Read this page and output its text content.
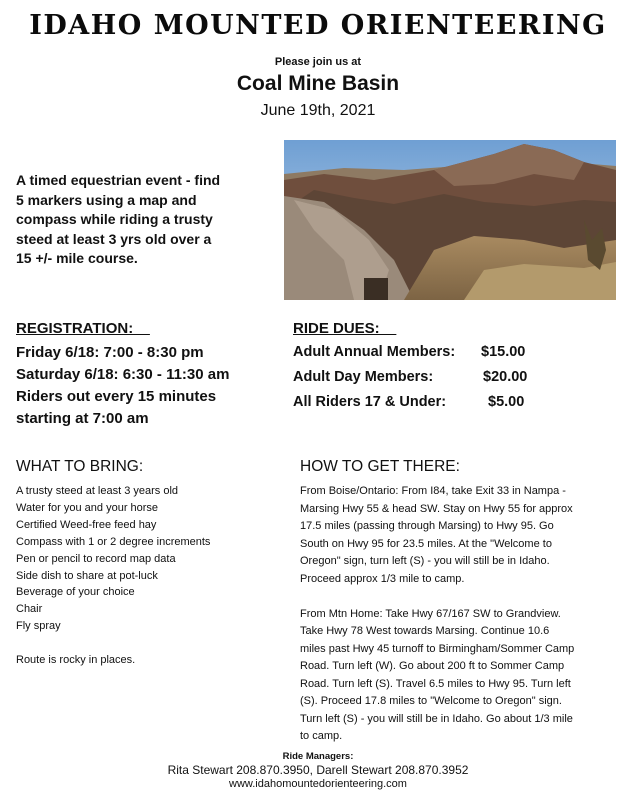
IDAHO MOUNTED ORIENTEERING
Please join us at
Coal Mine Basin
June 19th, 2021
A timed equestrian event - find
5 markers using a map and
compass while riding a trusty
steed at least 3 yrs old over a
15 +/- mile course.
REGISTRATION:
Friday 6/18: 7:00 - 8:30 pm
Saturday 6/18: 6:30 - 11:30 am
Riders out every 15 minutes
starting at 7:00 am
RIDE DUES:
Adult Annual Members: $15.00
Adult Day Members:	$20.00
All Riders 17 & Under:	$5.00
WHAT TO BRING:
A trusty steed at least 3 years old
Water for you and your horse
Certified Weed-free feed hay
Compass with 1 or 2 degree increments
Pen or pencil to record map data
Side dish to share at pot-luck
Beverage of your choice
Chair
Fly spray
Route is rocky in places.
HOW TO GET THERE:

From Boise/Ontario: From I84, take Exit 33 in Nampa -
Marsing Hwy 55 & head SW. Stay on Hwy 55 for approx
17.5 miles (passing through Marsing) to Hwy 95. Go
South on Hwy 95 for 23.5 miles. At the "Welcome to
Oregon" sign, turn left (S) - you will still be in Idaho.
Proceed approx 1/3 mile to camp.

From Mtn Home: Take Hwy 67/167 SW to Grandview.
Take Hwy 78 West towards Marsing. Continue 10.6
miles past Hwy 45 turnoff to Birmingham/Sommer Camp
Road. Turn left (W). Go about 200 ft to Sommer Camp
Road. Turn left (S). Travel 6.5 miles to Hwy 95. Turn left
(S). Proceed 17.8 miles to "Welcome to Oregon" sign.
Turn left (S) - you will still be in Idaho. Go about 1/3 mile
to camp.

Ride Managers:
Rita Stewart 208.870.3950, Darell Stewart 208.870.3952
www.idahomountedorienteering.com
